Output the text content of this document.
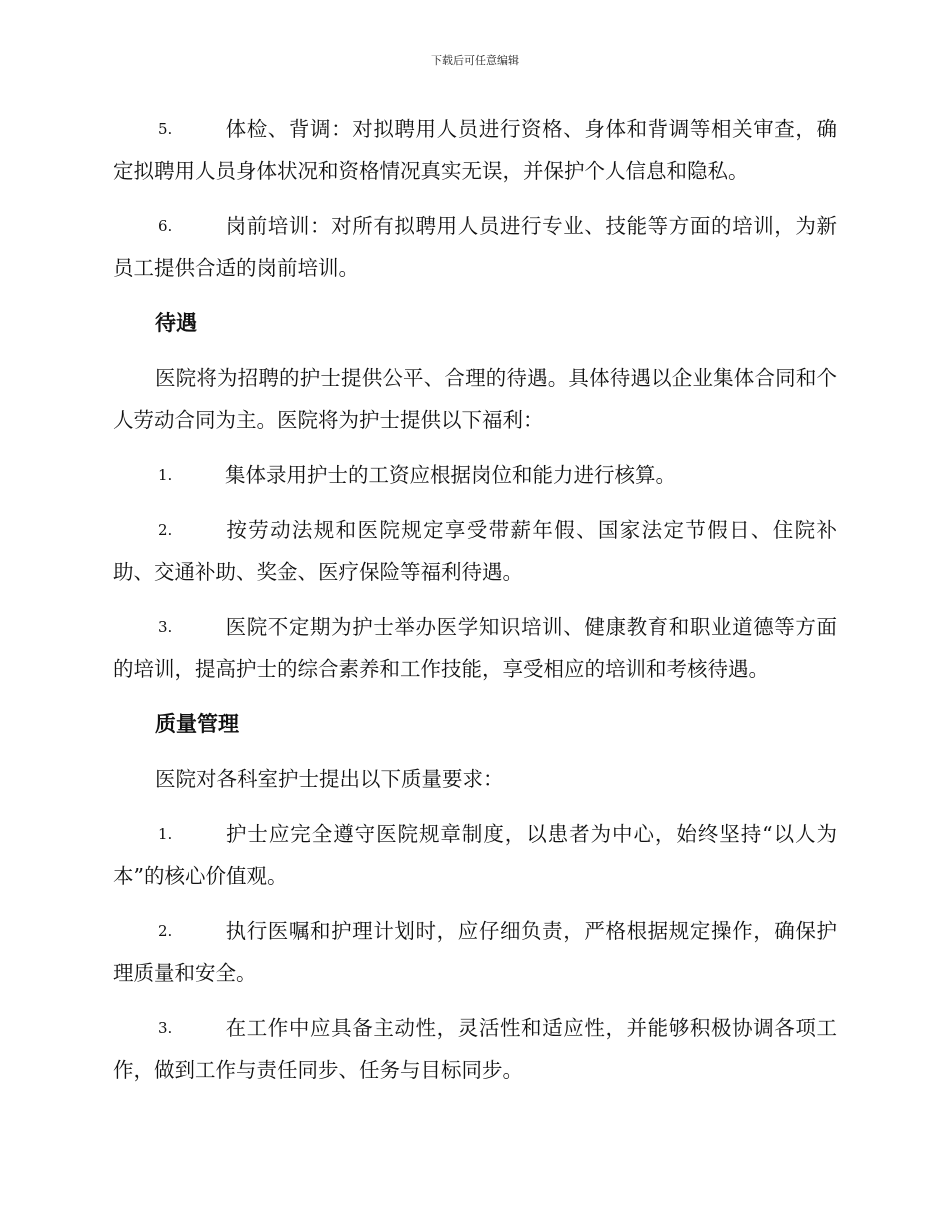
下载后可任意编辑

5.	体检、背调：对拟聘用人员进行资格、身体和背调等相关审查，确定拟聘用人员身体状况和资格情况真实无误，并保护个人信息和隐私。

6.	岗前培训：对所有拟聘用人员进行专业、技能等方面的培训，为新员工提供合适的岗前培训。

待遇

医院将为招聘的护士提供公平、合理的待遇。具体待遇以企业集体合同和个人劳动合同为主。医院将为护士提供以下福利：

1.	集体录用护士的工资应根据岗位和能力进行核算。

2.	按劳动法规和医院规定享受带薪年假、国家法定节假日、住院补助、交通补助、奖金、医疗保险等福利待遇。

3.	医院不定期为护士举办医学知识培训、健康教育和职业道德等方面的培训，提高护士的综合素养和工作技能，享受相应的培训和考核待遇。

质量管理

医院对各科室护士提出以下质量要求：

1.	护士应完全遵守医院规章制度，以患者为中心，始终坚持“以人为本”的核心价值观。

2.	执行医嘱和护理计划时，应仔细负责，严格根据规定操作，确保护理质量和安全。

3.	在工作中应具备主动性，灵活性和适应性，并能够积极协调各项工作，做到工作与责任同步、任务与目标同步。
